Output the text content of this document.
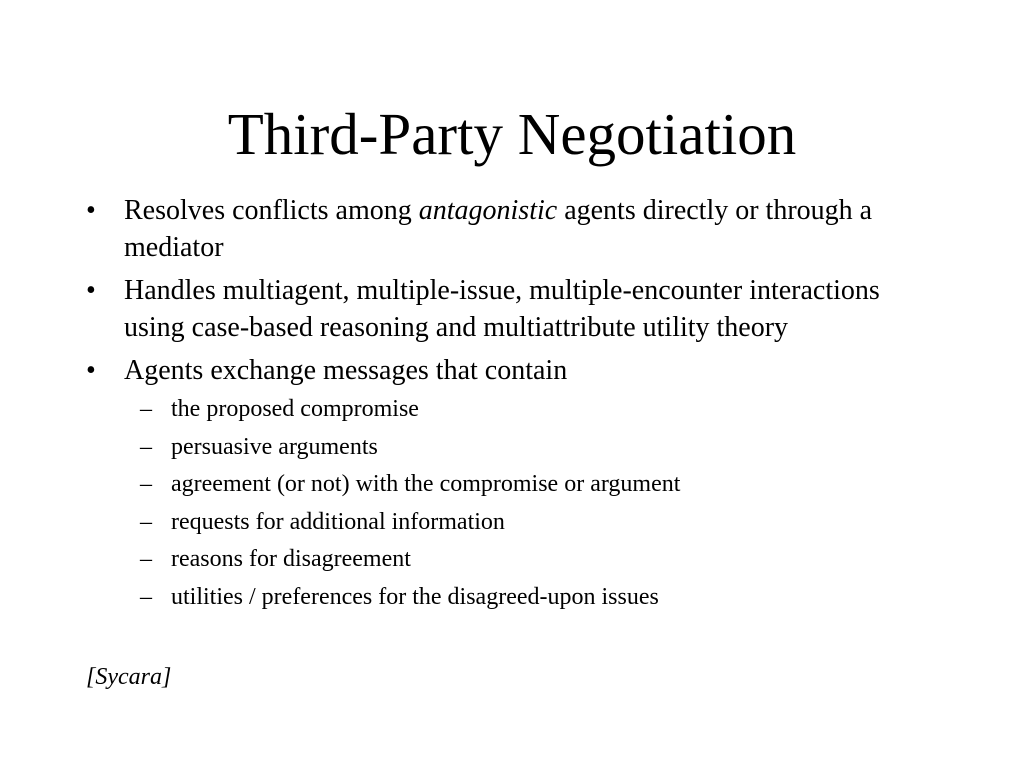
Third-Party Negotiation
• Resolves conflicts among antagonistic agents directly or through a mediator
• Handles multiagent, multiple-issue, multiple-encounter interactions using case-based reasoning and multiattribute utility theory
• Agents exchange messages that contain
– the proposed compromise
– persuasive arguments
– agreement (or not) with the compromise or argument
– requests for additional information
– reasons for disagreement
– utilities / preferences for the disagreed-upon issues
[Sycara]
